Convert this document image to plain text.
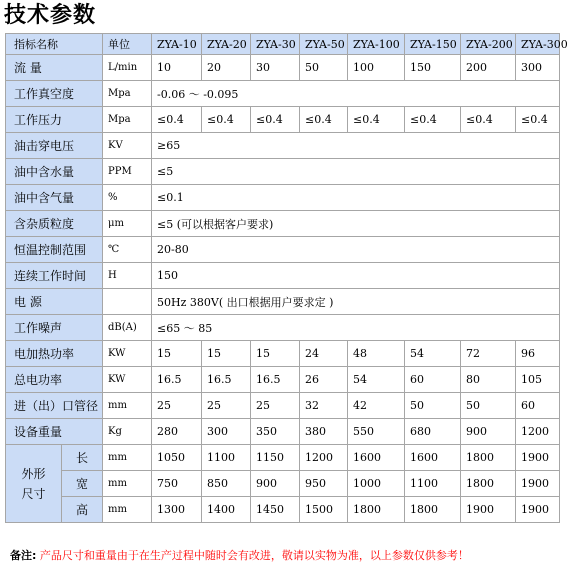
技术参数
指标名称		单位	ZYA-10	ZYA-20	ZYA-30	ZYA-50	ZYA-100	ZYA-150	ZYA-200	ZYA-300
流 量		L/min	10	20	30	50	100	150	200	300
工作真空度		Mpa	-0.06 ～ -0.095							
工作压力		Mpa	≤0.4	≤0.4	≤0.4	≤0.4	≤0.4	≤0.4	≤0.4	≤0.4
油击穿电压		KV	≥65							
油中含水量		PPM	≤5							
油中含气量		%	≤0.1							
含杂质粒度		μm	≤5 (可以根据客户要求)							
恒温控制范围		℃	20-80							
连续工作时间		H	150							
电 源			50Hz 380V( 出口根据用户要求定 )							
工作噪声		dB(A)	≤65 ～ 85							
电加热功率		KW	15	15	15	24	48	54	72	96
总电功率		KW	16.5	16.5	16.5	26	54	60	80	105
进（出）口管径		mm	25	25	25	32	42	50	50	60
设备重量		Kg	280	300	350	380	550	680	900	1200

外形
尺寸	长	mm	1050	1100	1150	1200	1600	1600	1800	1900
	宽	mm	750	850	900	950	1000	1100	1800	1900
	高	mm	1300	1400	1450	1500	1800	1800	1900	1900
备注: 产品尺寸和重量由于在生产过程中随时会有改进，敬请以实物为准，以上参数仅供参考！
